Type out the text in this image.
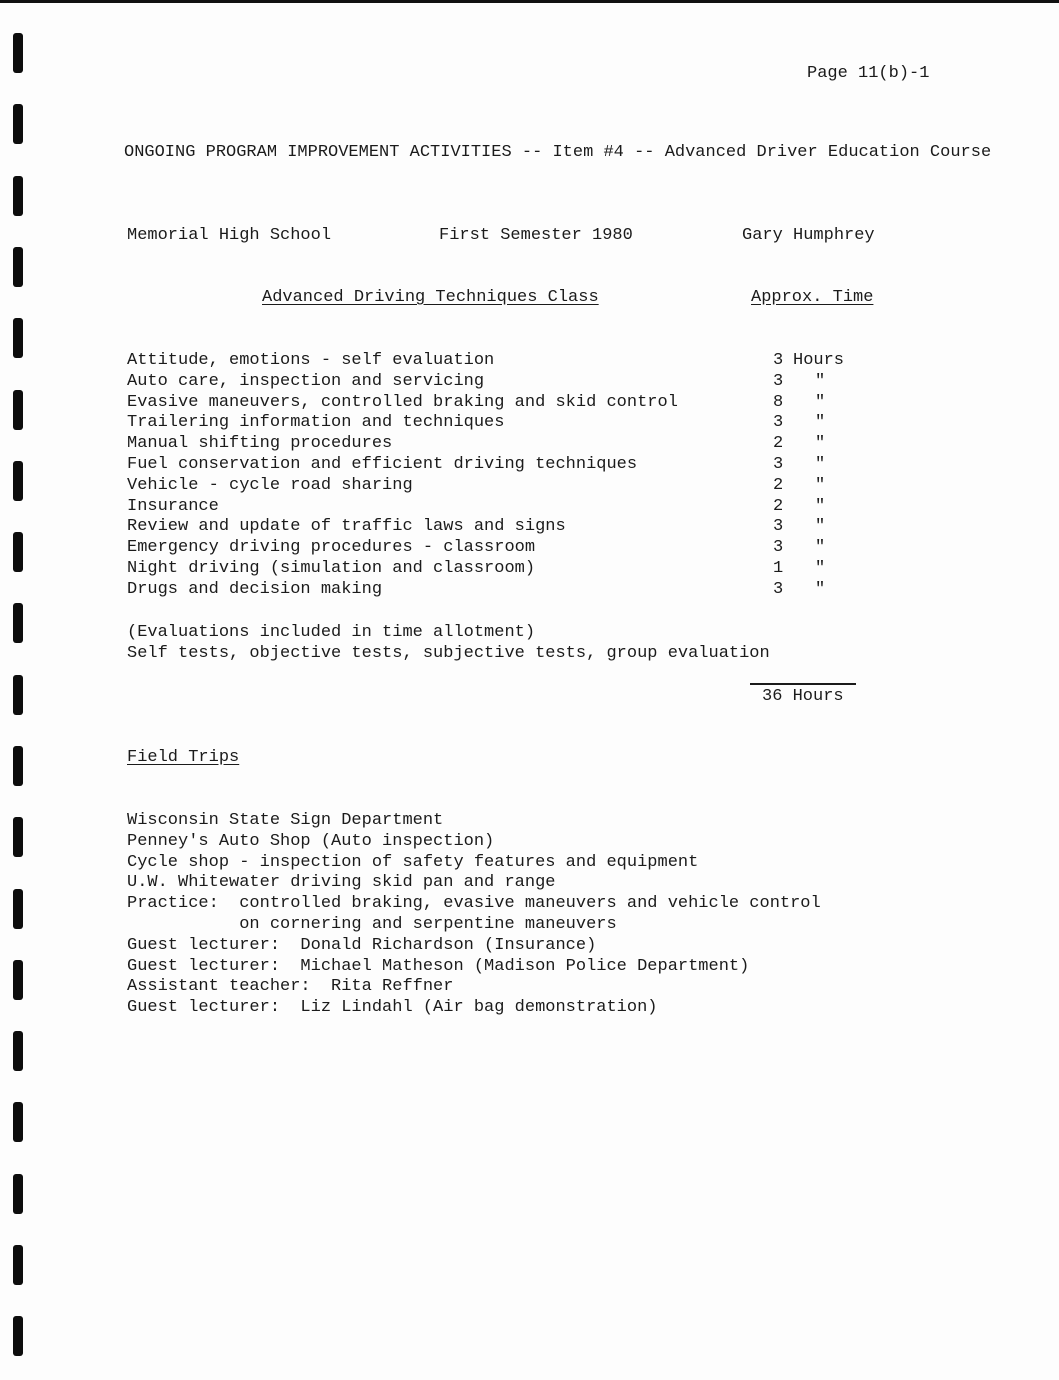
Page 11(b)-1
ONGOING PROGRAM IMPROVEMENT ACTIVITIES -- Item #4 -- Advanced Driver Education Course
Memorial High School	First Semester 1980	Gary Humphrey
Advanced Driving Techniques Class	Approx. Time
Attitude, emotions - self evaluation	3 Hours
Auto care, inspection and servicing	3 "
Evasive maneuvers, controlled braking and skid control	8 "
Trailering information and techniques	3 "
Manual shifting procedures	2 "
Fuel conservation and efficient driving techniques	3 "
Vehicle - cycle road sharing	2 "
Insurance	2 "
Review and update of traffic laws and signs	3 "
Emergency driving procedures - classroom	3 "
Night driving (simulation and classroom)	1 "
Drugs and decision making	3 "
(Evaluations included in time allotment)
Self tests, objective tests, subjective tests, group evaluation
36 Hours
Field Trips
Wisconsin State Sign Department
Penney's Auto Shop (Auto inspection)
Cycle shop - inspection of safety features and equipment
U.W. Whitewater driving skid pan and range
Practice:  controlled braking, evasive maneuvers and vehicle control
on cornering and serpentine maneuvers
Guest lecturer:  Donald Richardson (Insurance)
Guest lecturer:  Michael Matheson (Madison Police Department)
Assistant teacher:  Rita Reffner
Guest lecturer:  Liz Lindahl (Air bag demonstration)
